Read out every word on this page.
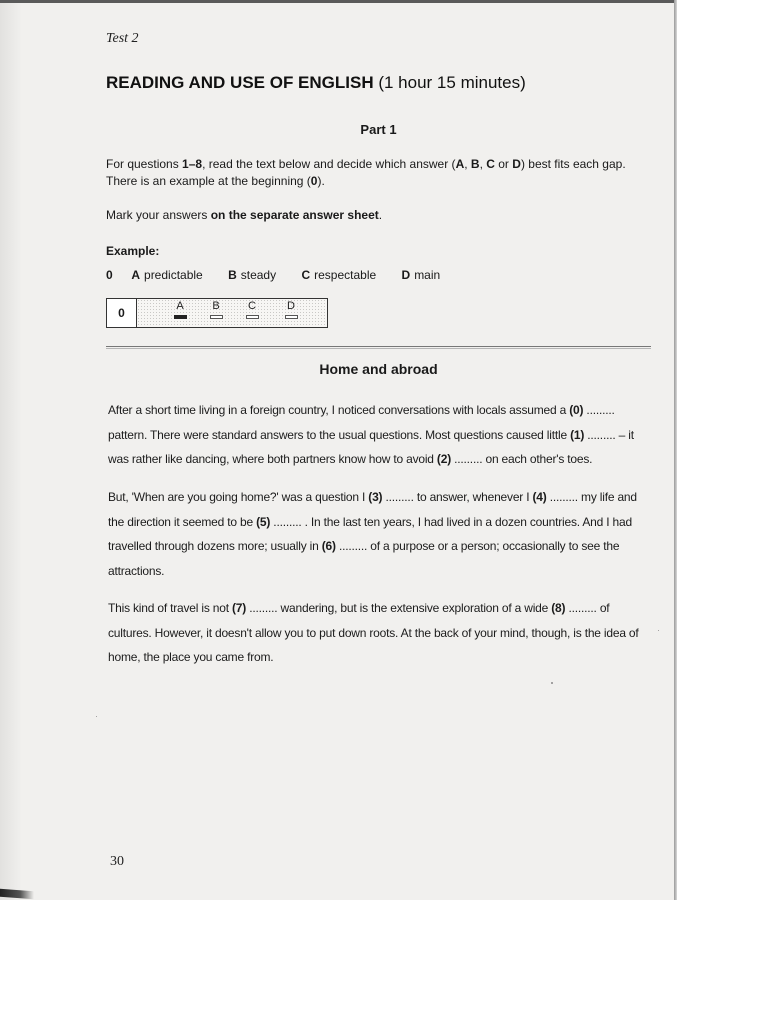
Test 2
READING AND USE OF ENGLISH (1 hour 15 minutes)
Part 1
For questions 1–8, read the text below and decide which answer (A, B, C or D) best fits each gap.
There is an example at the beginning (0).
Mark your answers on the separate answer sheet.
Example:
0 A predictable B steady C respectable D main
0	A	B	C	D
Home and abroad
After a short time living in a foreign country, I noticed conversations with locals assumed a (0) ......... pattern. There were standard answers to the usual questions. Most questions caused little (1) ......... – it was rather like dancing, where both partners know how to avoid (2) ......... on each other's toes.
But, 'When are you going home?' was a question I (3) ......... to answer, whenever I (4) ......... my life and the direction it seemed to be (5) ......... . In the last ten years, I had lived in a dozen countries. And I had travelled through dozens more; usually in (6) ......... of a purpose or a person; occasionally to see the attractions.
This kind of travel is not (7) ......... wandering, but is the extensive exploration of a wide (8) ......... of cultures. However, it doesn't allow you to put down roots. At the back of your mind, though, is the idea of home, the place you came from.
30
